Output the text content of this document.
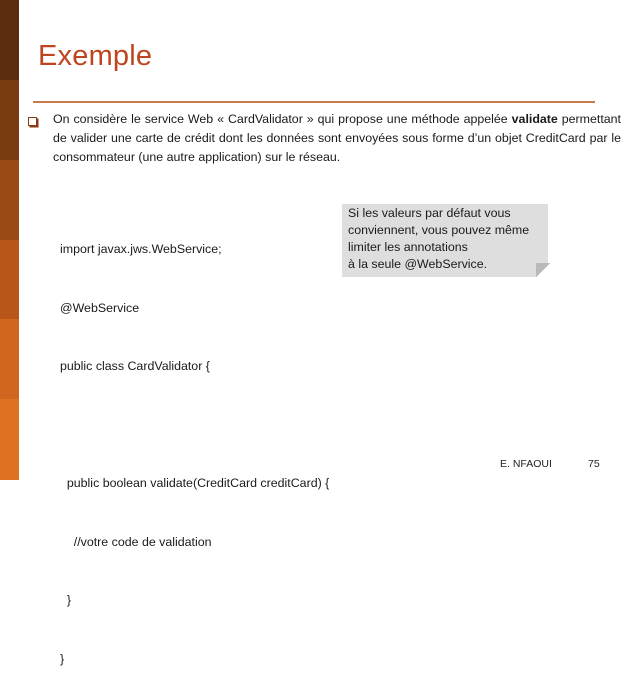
Exemple
On considère le service Web « CardValidator » qui propose une méthode appelée validate permettant de valider une carte de crédit dont les données sont envoyées sous forme d’un objet CreditCard par le consommateur (une autre application) sur le réseau.

import javax.jws.WebService;

@WebService

public class CardValidator {

public boolean validate(CreditCard creditCard) {

//votre code de validation

}

}

Si les valeurs par défaut vous
conviennent, vous pouvez même
limiter les annotations
à la seule @WebService.
E. NFAOUI	75
